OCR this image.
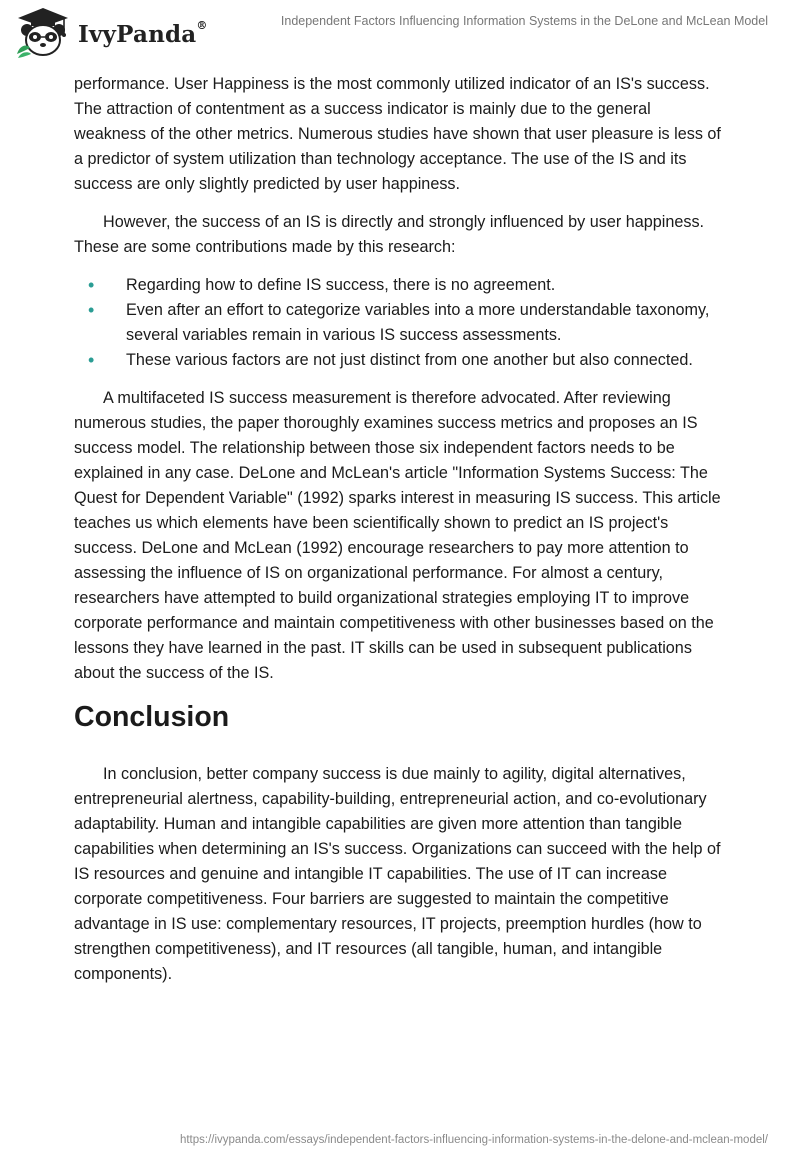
IvyPanda®	Independent Factors Influencing Information Systems in the DeLone and McLean Model

performance. User Happiness is the most commonly utilized indicator of an IS's success. The attraction of contentment as a success indicator is mainly due to the general weakness of the other metrics. Numerous studies have shown that user pleasure is less of a predictor of system utilization than technology acceptance. The use of the IS and its success are only slightly predicted by user happiness.

However, the success of an IS is directly and strongly influenced by user happiness. These are some contributions made by this research:

• Regarding how to define IS success, there is no agreement.
• Even after an effort to categorize variables into a more understandable taxonomy, several variables remain in various IS success assessments.
• These various factors are not just distinct from one another but also connected.

A multifaceted IS success measurement is therefore advocated. After reviewing numerous studies, the paper thoroughly examines success metrics and proposes an IS success model. The relationship between those six independent factors needs to be explained in any case. DeLone and McLean's article "Information Systems Success: The Quest for Dependent Variable" (1992) sparks interest in measuring IS success. This article teaches us which elements have been scientifically shown to predict an IS project's success. DeLone and McLean (1992) encourage researchers to pay more attention to assessing the influence of IS on organizational performance. For almost a century, researchers have attempted to build organizational strategies employing IT to improve corporate performance and maintain competitiveness with other businesses based on the lessons they have learned in the past. IT skills can be used in subsequent publications about the success of the IS.

Conclusion

In conclusion, better company success is due mainly to agility, digital alternatives, entrepreneurial alertness, capability-building, entrepreneurial action, and co-evolutionary adaptability. Human and intangible capabilities are given more attention than tangible capabilities when determining an IS's success. Organizations can succeed with the help of IS resources and genuine and intangible IT capabilities. The use of IT can increase corporate competitiveness. Four barriers are suggested to maintain the competitive advantage in IS use: complementary resources, IT projects, preemption hurdles (how to strengthen competitiveness), and IT resources (all tangible, human, and intangible components).

https://ivypanda.com/essays/independent-factors-influencing-information-systems-in-the-delone-and-mclean-model/
